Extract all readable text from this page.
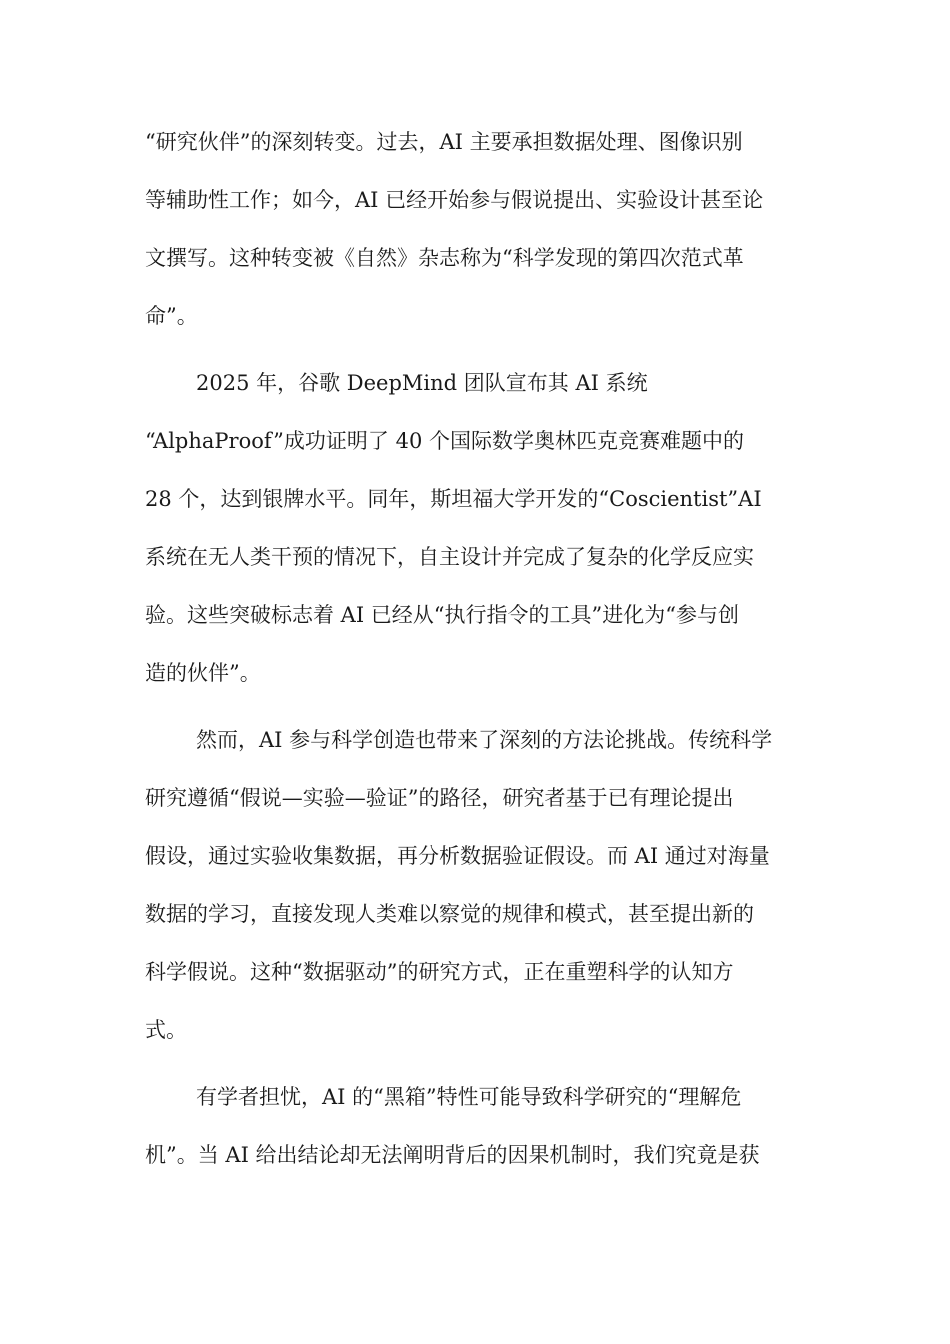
“研究伙伴”的深刻转变。过去，AI 主要承担数据处理、图像识别
等辅助性工作；如今，AI 已经开始参与假说提出、实验设计甚至论
文撰写。这种转变被《自然》杂志称为“科学发现的第四次范式革
命”。
2025 年，谷歌 DeepMind 团队宣布其 AI 系统
“AlphaProof”成功证明了 40 个国际数学奥林匹克竞赛难题中的
28 个，达到银牌水平。同年，斯坦福大学开发的“Coscientist”AI
系统在无人类干预的情况下，自主设计并完成了复杂的化学反应实
验。这些突破标志着 AI 已经从“执行指令的工具”进化为“参与创
造的伙伴”。
然而，AI 参与科学创造也带来了深刻的方法论挑战。传统科学
研究遵循“假说—实验—验证”的路径，研究者基于已有理论提出
假设，通过实验收集数据，再分析数据验证假设。而 AI 通过对海量
数据的学习，直接发现人类难以察觉的规律和模式，甚至提出新的
科学假说。这种“数据驱动”的研究方式，正在重塑科学的认知方
式。
有学者担忧，AI 的“黑箱”特性可能导致科学研究的“理解危
机”。当 AI 给出结论却无法阐明背后的因果机制时，我们究竟是获
